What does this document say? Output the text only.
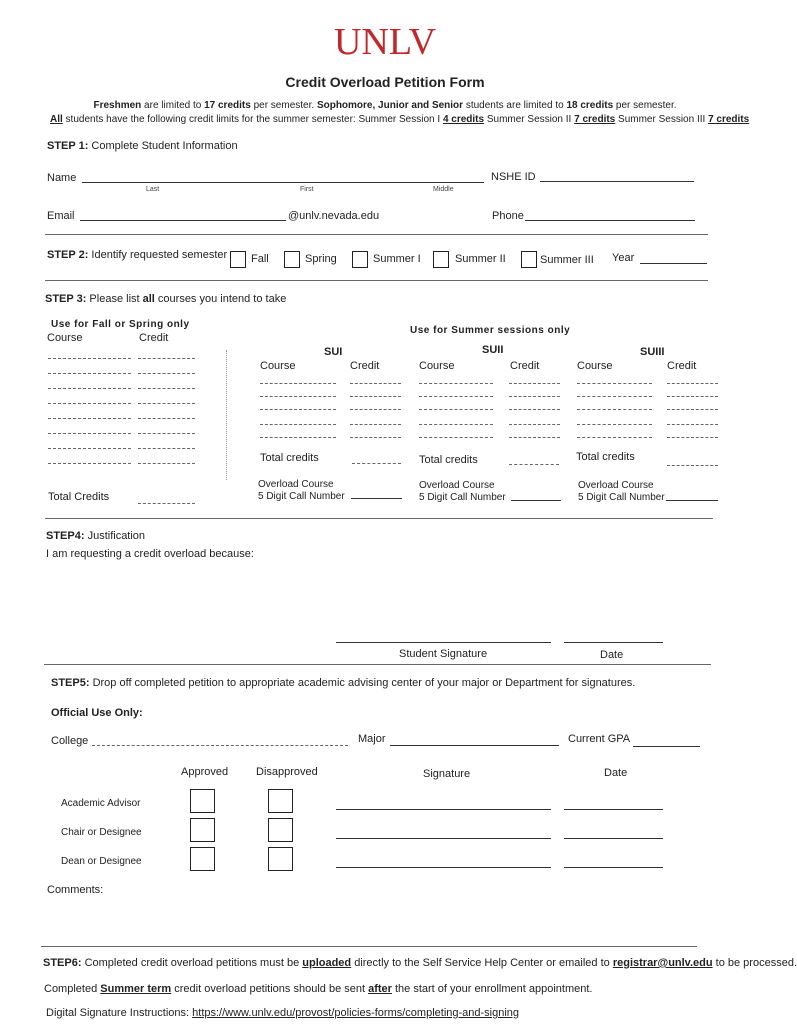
UNLV
Credit Overload Petition Form
Freshmen are limited to 17 credits per semester. Sophomore, Junior and Senior students are limited to 18 credits per semester.
All students have the following credit limits for the summer semester: Summer Session I 4 credits Summer Session II 7 credits Summer Session III 7 credits
STEP 1: Complete Student Information
Name
Last	First	Middle
NSHE ID
Email	@unlv.nevada.edu	Phone
STEP 2: Identify requested semester Fall	Spring	Summer I	Summer II	Summer III Year
STEP 3: Please list all courses you intend to take
Use for Fall or Spring only
Course	Credit
Total Credits
Use for Summer sessions only
SUI	SUII	SUIII
Course	Credit	Course	Credit	Course	Credit
Total credits	Total credits	Total credits
Overload Course
5 Digit Call Number
Overload Course
5 Digit Call Number
Overload Course
5 Digit Call Number
STEP4: Justification
I am requesting a credit overload because:
Student Signature	Date
STEP5: Drop off completed petition to appropriate academic advising center of your major or Department for signatures.
Official Use Only:
College	Major	Current GPA
Approved	Disapproved	Signature	Date
Academic Advisor
Chair or Designee
Dean or Designee
Comments:
STEP6: Completed credit overload petitions must be uploaded directly to the Self Service Help Center or emailed to registrar@unlv.edu to be processed.
Completed Summer term credit overload petitions should be sent after the start of your enrollment appointment.
Digital Signature Instructions: https://www.unlv.edu/provost/policies-forms/completing-and-signing
